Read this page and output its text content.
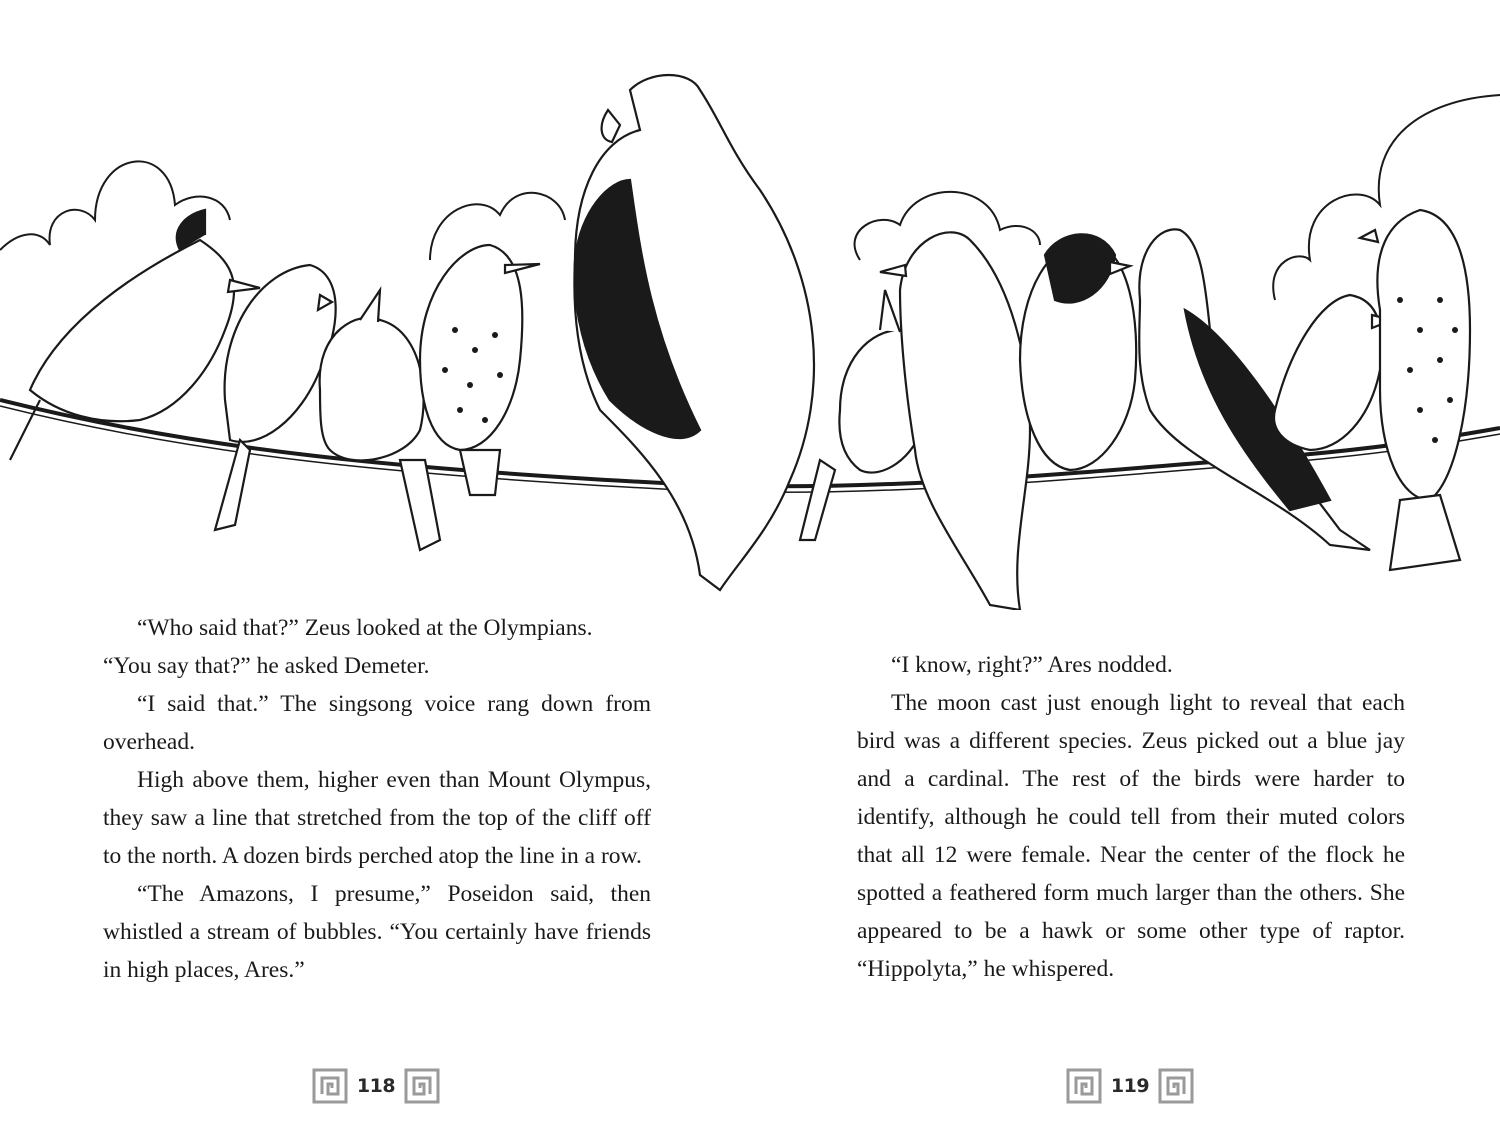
“Who said that?” Zeus looked at the Olympians.

“You say that?” he asked Demeter.

“I said that.” The singsong voice rang down from overhead.

High above them, higher even than Mount Olympus, they saw a line that stretched from the top of the cliff off to the north. A dozen birds perched atop the line in a row.

“The Amazons, I presume,” Poseidon said, then whistled a stream of bubbles. “You certainly have friends in high places, Ares.”

“I know, right?” Ares nodded.

The moon cast just enough light to reveal that each bird was a different species. Zeus picked out a blue jay and a cardinal. The rest of the birds were harder to identify, although he could tell from their muted colors that all 12 were female. Near the center of the flock he spotted a feathered form much larger than the others. She appeared to be a hawk or some other type of raptor. “Hippolyta,” he whispered.

118	119
